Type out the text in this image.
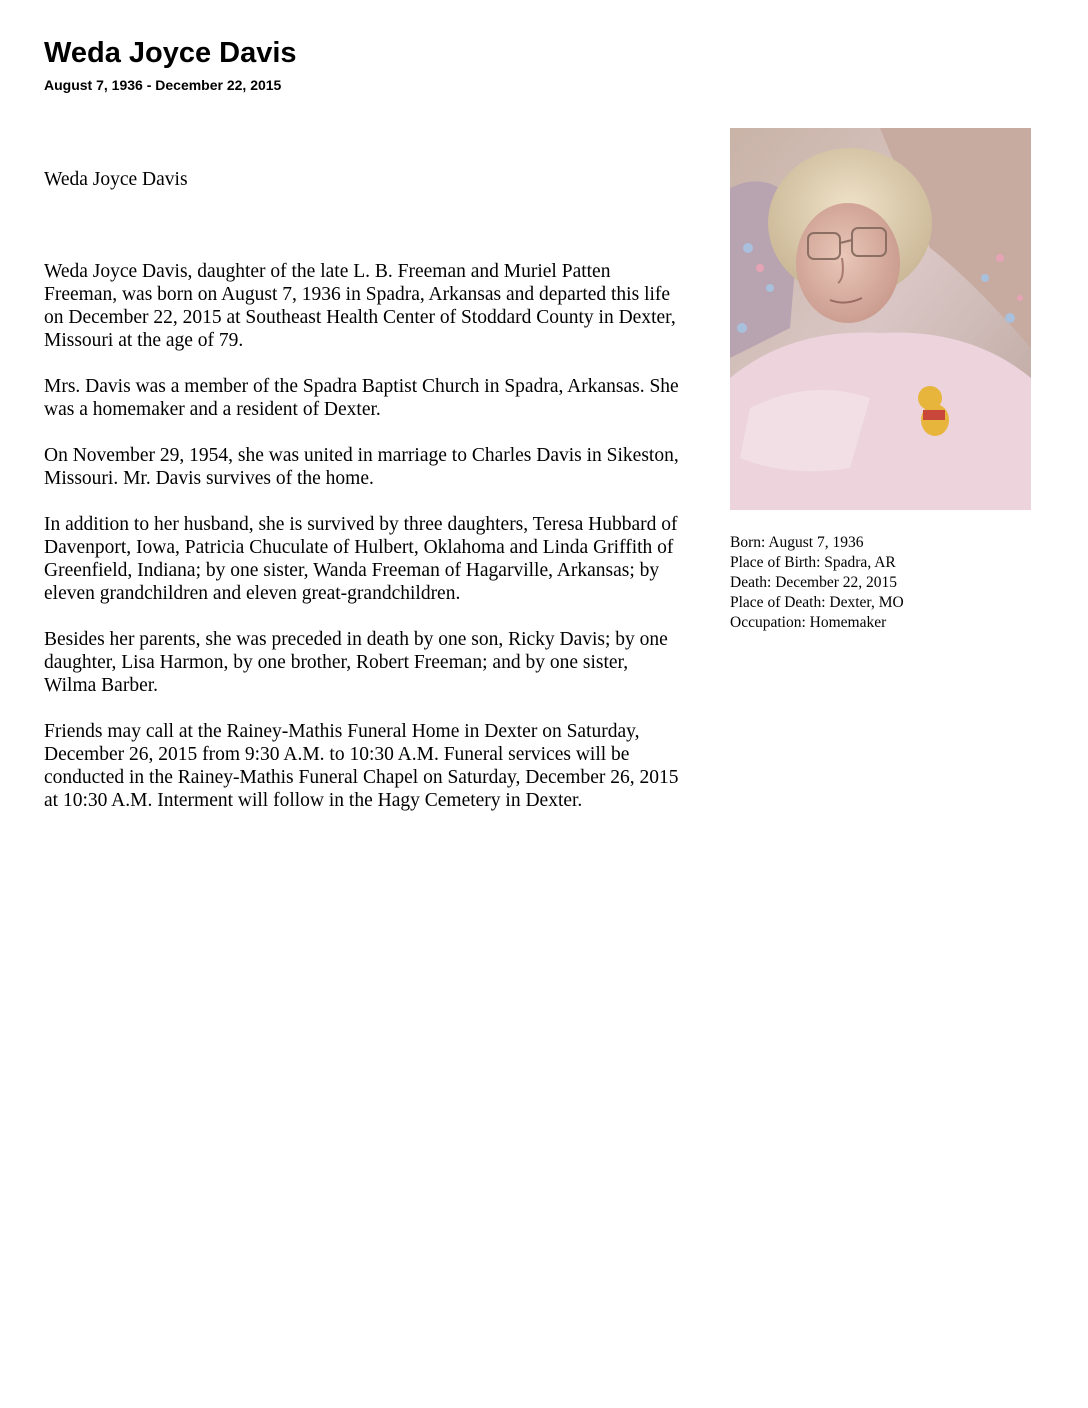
Weda Joyce Davis
August 7, 1936 - December 22, 2015

Weda Joyce Davis

Weda Joyce Davis, daughter of the late L. B. Freeman and Muriel Patten Freeman, was born on August 7, 1936 in Spadra, Arkansas and departed this life on December 22, 2015 at Southeast Health Center of Stoddard County in Dexter, Missouri at the age of 79.

Mrs. Davis was a member of the Spadra Baptist Church in Spadra, Arkansas. She was a homemaker and a resident of Dexter.

On November 29, 1954, she was united in marriage to Charles Davis in Sikeston, Missouri. Mr. Davis survives of the home.

In addition to her husband, she is survived by three daughters, Teresa Hubbard of Davenport, Iowa, Patricia Chuculate of Hulbert, Oklahoma and Linda Griffith of Greenfield, Indiana; by one sister, Wanda Freeman of Hagarville, Arkansas; by eleven grandchildren and eleven great-grandchildren.

Besides her parents, she was preceded in death by one son, Ricky Davis; by one daughter, Lisa Harmon, by one brother, Robert Freeman; and by one sister, Wilma Barber.

Friends may call at the Rainey-Mathis Funeral Home in Dexter on Saturday, December 26, 2015 from 9:30 A.M. to 10:30 A.M. Funeral services will be conducted in the Rainey-Mathis Funeral Chapel on Saturday, December 26, 2015 at 10:30 A.M. Interment will follow in the Hagy Cemetery in Dexter.

Born: August 7, 1936
Place of Birth: Spadra, AR
Death: December 22, 2015
Place of Death: Dexter, MO
Occupation: Homemaker
